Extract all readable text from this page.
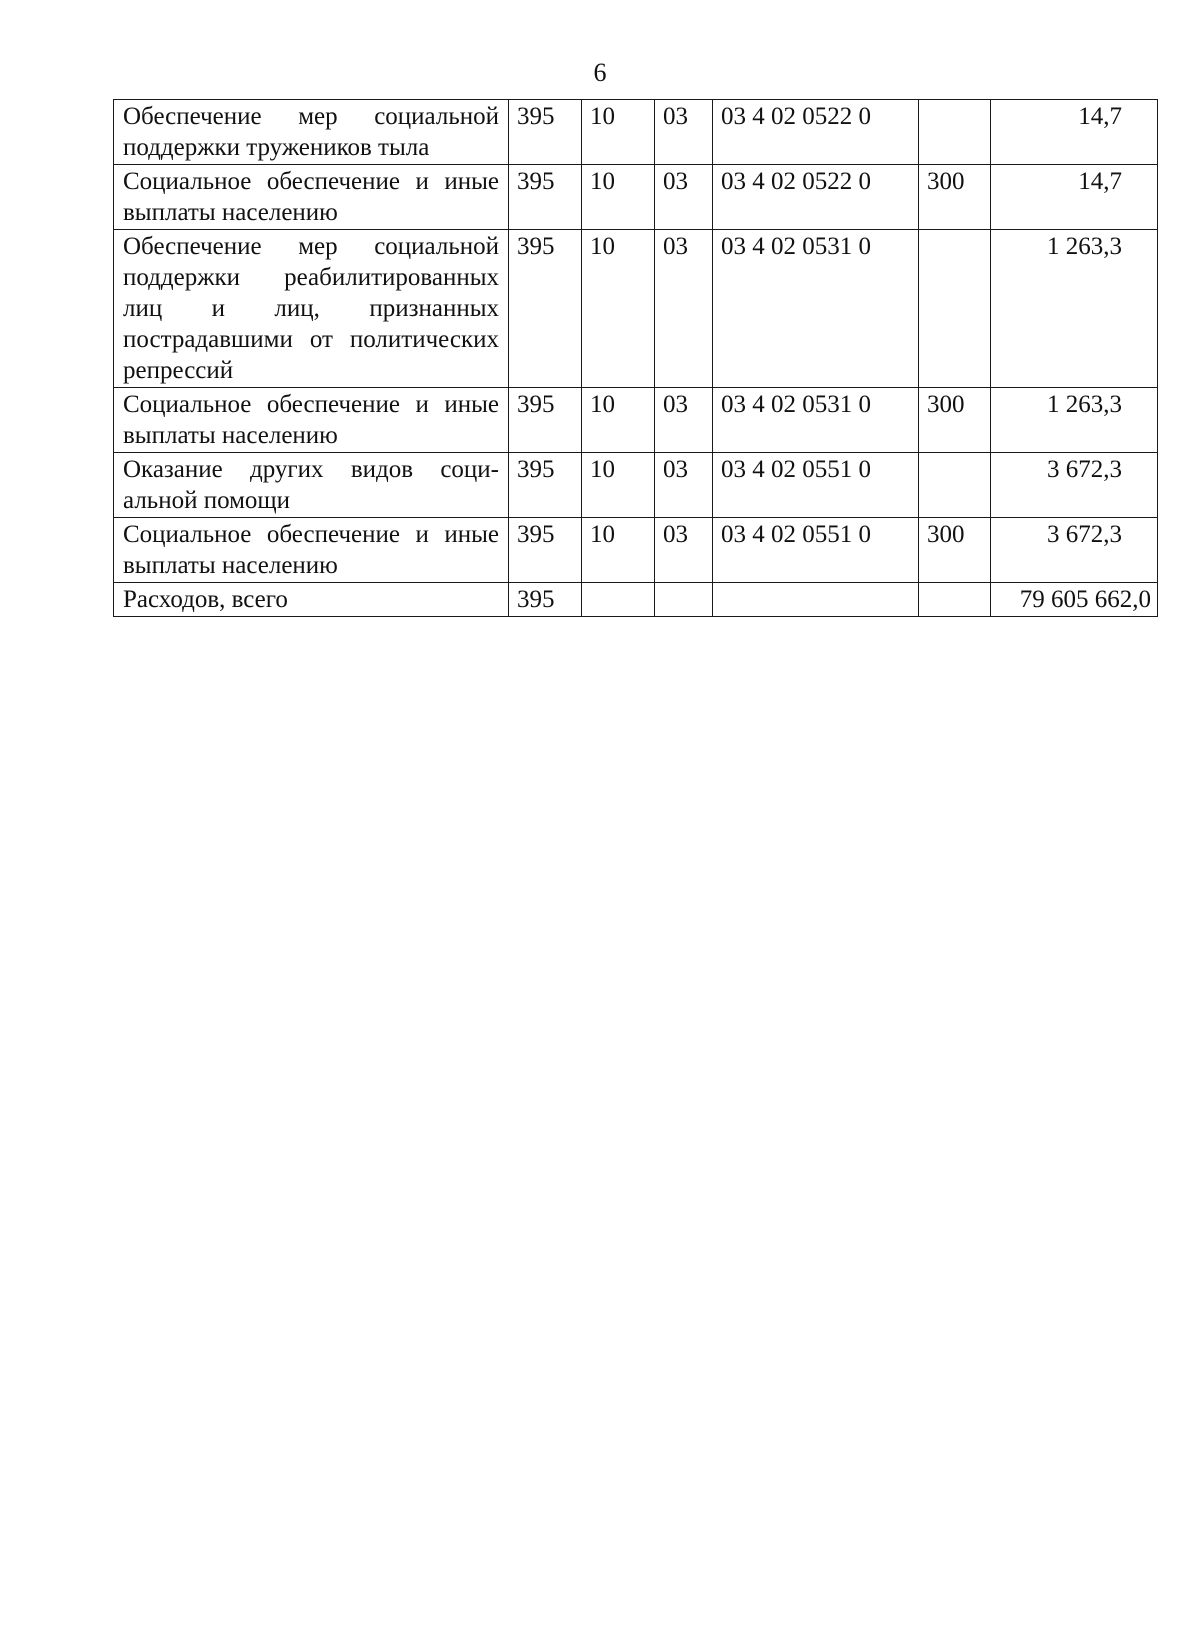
6
Обеспечение мер социальной поддержки тружеников тыла	395	10	03	03 4 02 0522 0		14,7
Социальное обеспечение и иные выплаты населению	395	10	03	03 4 02 0522 0	300	14,7
Обеспечение мер социальной поддержки реабилитированных лиц и лиц, признанных пострадавшими от политических репрессий	395	10	03	03 4 02 0531 0		1 263,3
Социальное обеспечение и иные выплаты населению	395	10	03	03 4 02 0531 0	300	1 263,3
Оказание других видов социальной помощи	395	10	03	03 4 02 0551 0		3 672,3
Социальное обеспечение и иные выплаты населению	395	10	03	03 4 02 0551 0	300	3 672,3
Расходов, всего	395					79 605 662,0
